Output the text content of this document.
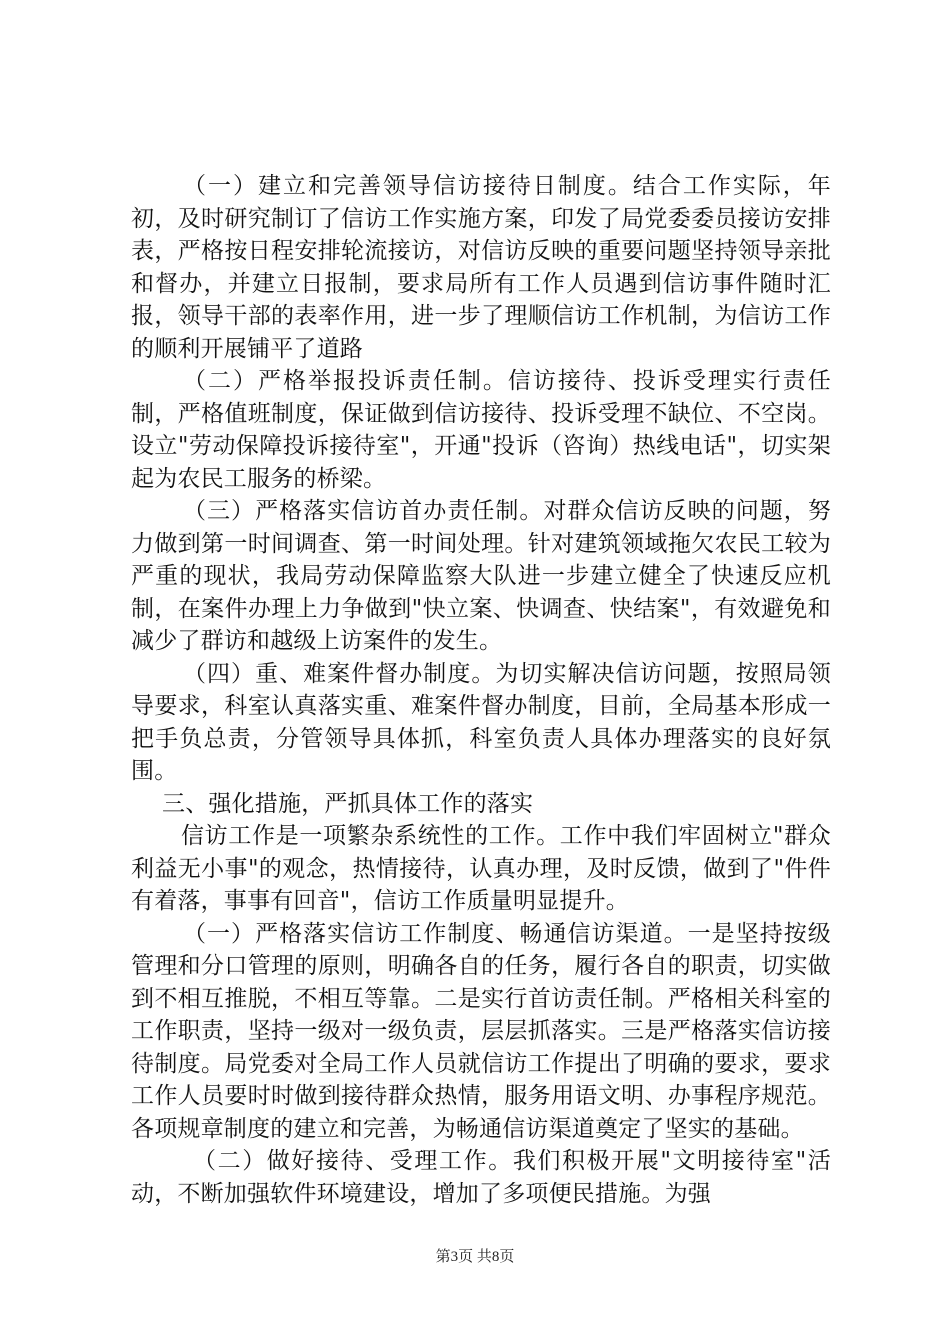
（一）建立和完善领导信访接待日制度。结合工作实际，年初，及时研究制订了信访工作实施方案，印发了局党委委员接访安排表，严格按日程安排轮流接访，对信访反映的重要问题坚持领导亲批和督办，并建立日报制，要求局所有工作人员遇到信访事件随时汇报，领导干部的表率作用，进一步了理顺信访工作机制，为信访工作的顺利开展铺平了道路

（二）严格举报投诉责任制。信访接待、投诉受理实行责任制，严格值班制度，保证做到信访接待、投诉受理不缺位、不空岗。设立"劳动保障投诉接待室"，开通"投诉（咨询）热线电话"，切实架起为农民工服务的桥梁。

（三）严格落实信访首办责任制。对群众信访反映的问题，努力做到第一时间调查、第一时间处理。针对建筑领域拖欠农民工较为严重的现状，我局劳动保障监察大队进一步建立健全了快速反应机制，在案件办理上力争做到"快立案、快调查、快结案"，有效避免和减少了群访和越级上访案件的发生。

（四）重、难案件督办制度。为切实解决信访问题，按照局领导要求，科室认真落实重、难案件督办制度，目前，全局基本形成一把手负总责，分管领导具体抓，科室负责人具体办理落实的良好氛围。

三、强化措施，严抓具体工作的落实

信访工作是一项繁杂系统性的工作。工作中我们牢固树立"群众利益无小事"的观念，热情接待，认真办理，及时反馈，做到了"件件有着落，事事有回音"，信访工作质量明显提升。

（一）严格落实信访工作制度、畅通信访渠道。一是坚持按级管理和分口管理的原则，明确各自的任务，履行各自的职责，切实做到不相互推脱，不相互等靠。二是实行首访责任制。严格相关科室的工作职责，坚持一级对一级负责，层层抓落实。三是严格落实信访接待制度。局党委对全局工作人员就信访工作提出了明确的要求，要求工作人员要时时做到接待群众热情，服务用语文明、办事程序规范。各项规章制度的建立和完善，为畅通信访渠道奠定了坚实的基础。

（二）做好接待、受理工作。我们积极开展"文明接待室"活动，不断加强软件环境建设，增加了多项便民措施。为强

第3页 共8页
